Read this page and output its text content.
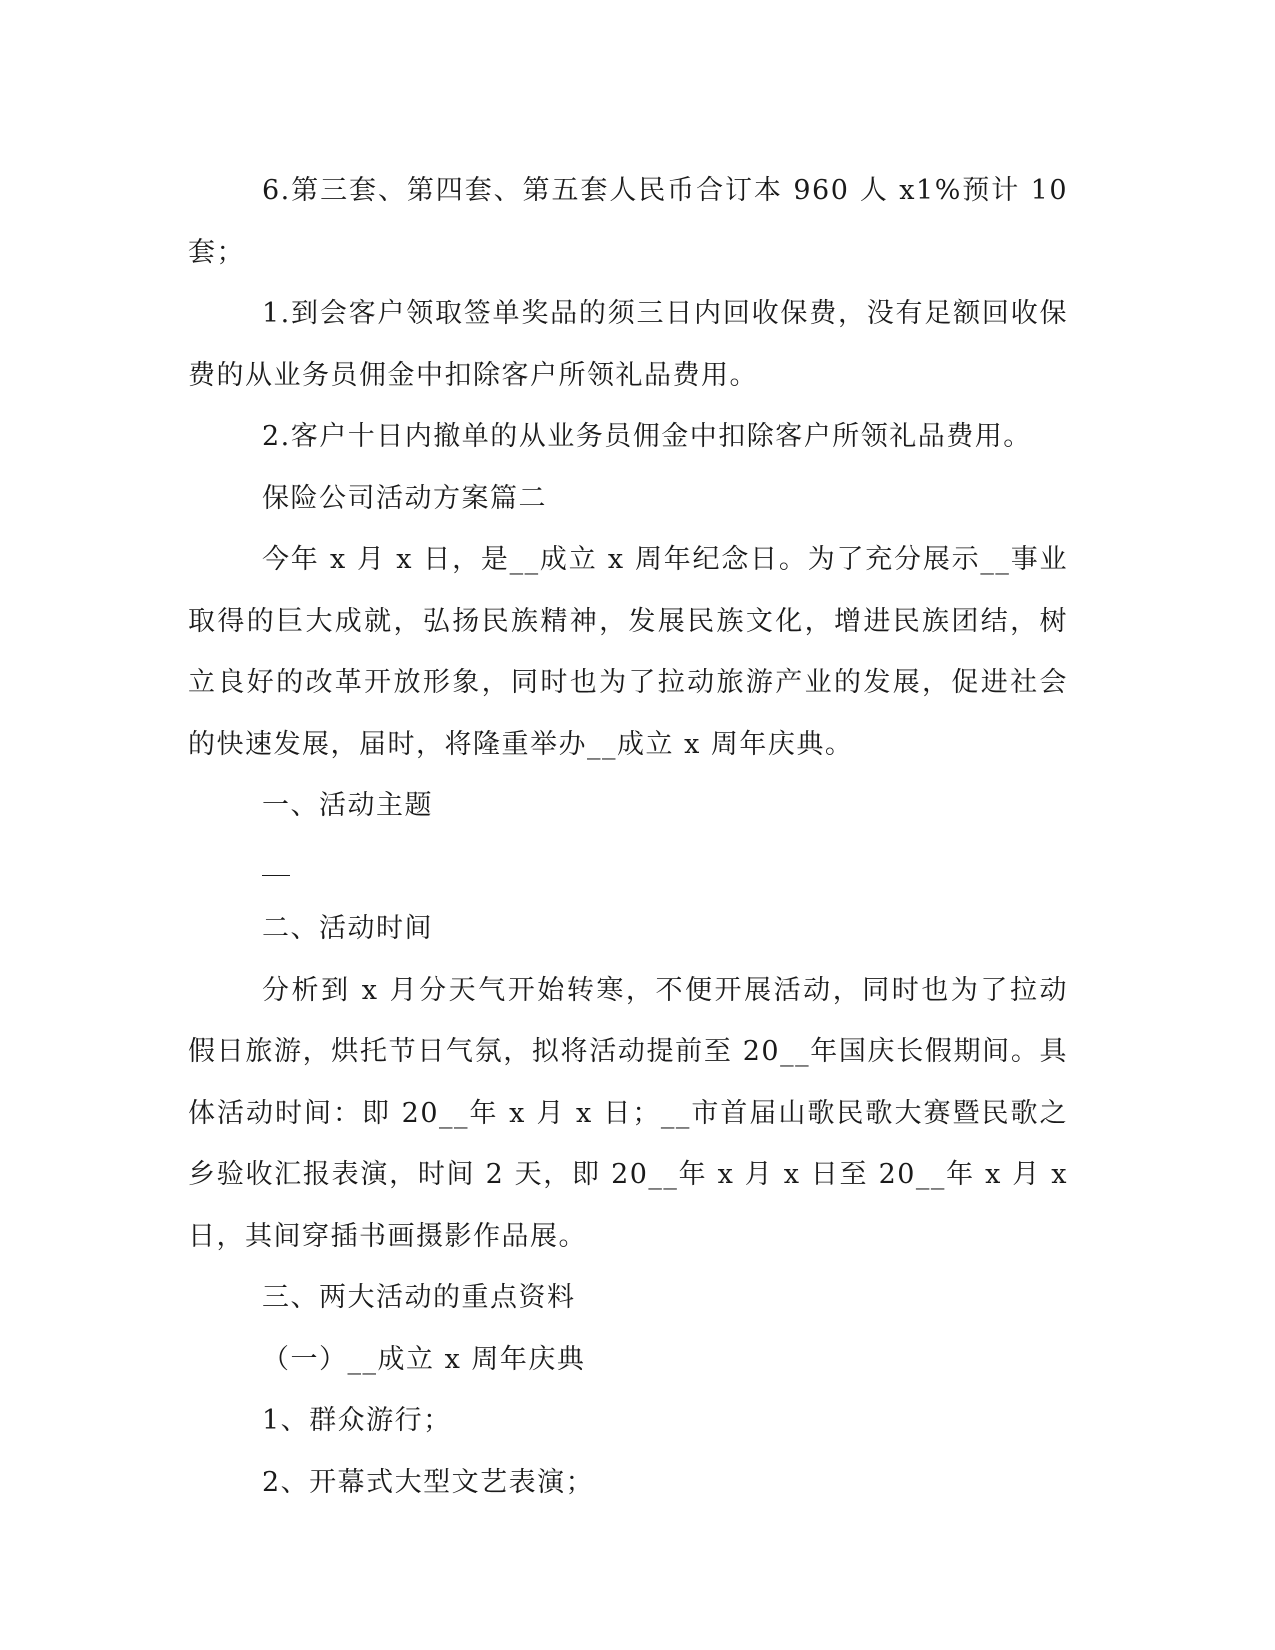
6.第三套、第四套、第五套人民币合订本 960 人 x1%预计 10 套；

1.到会客户领取签单奖品的须三日内回收保费，没有足额回收保费的从业务员佣金中扣除客户所领礼品费用。

2.客户十日内撤单的从业务员佣金中扣除客户所领礼品费用。

保险公司活动方案篇二

今年 x 月 x 日，是__成立 x 周年纪念日。为了充分展示__事业取得的巨大成就，弘扬民族精神，发展民族文化，增进民族团结，树立良好的改革开放形象，同时也为了拉动旅游产业的发展，促进社会的快速发展，届时，将隆重举办__成立 x 周年庆典。

一、活动主题

二、活动时间

分析到 x 月分天气开始转寒，不便开展活动，同时也为了拉动假日旅游，烘托节日气氛，拟将活动提前至 20__年国庆长假期间。具体活动时间：即 20__年 x 月 x 日；__市首届山歌民歌大赛暨民歌之乡验收汇报表演，时间 2 天，即 20__年 x 月 x 日至 20__年 x 月 x 日，其间穿插书画摄影作品展。

三、两大活动的重点资料

（一）__成立 x 周年庆典

1、群众游行；

2、开幕式大型文艺表演；
